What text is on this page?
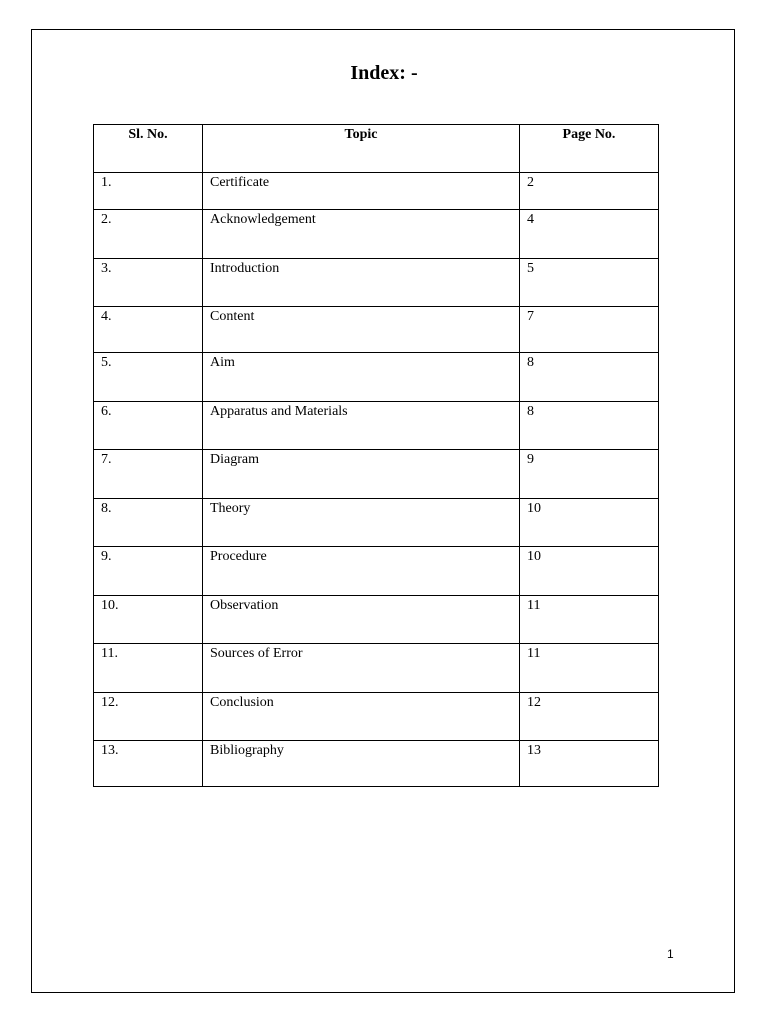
Index: -
Sl. No.	Topic	Page No.
1.	Certificate	2
2.	Acknowledgement	4
3.	Introduction	5
4.	Content	7
5.	Aim	8
6.	Apparatus and Materials	8
7.	Diagram	9
8.	Theory	10
9.	Procedure	10
10.	Observation	11
11.	Sources of Error	11
12.	Conclusion	12
13.	Bibliography	13
1
